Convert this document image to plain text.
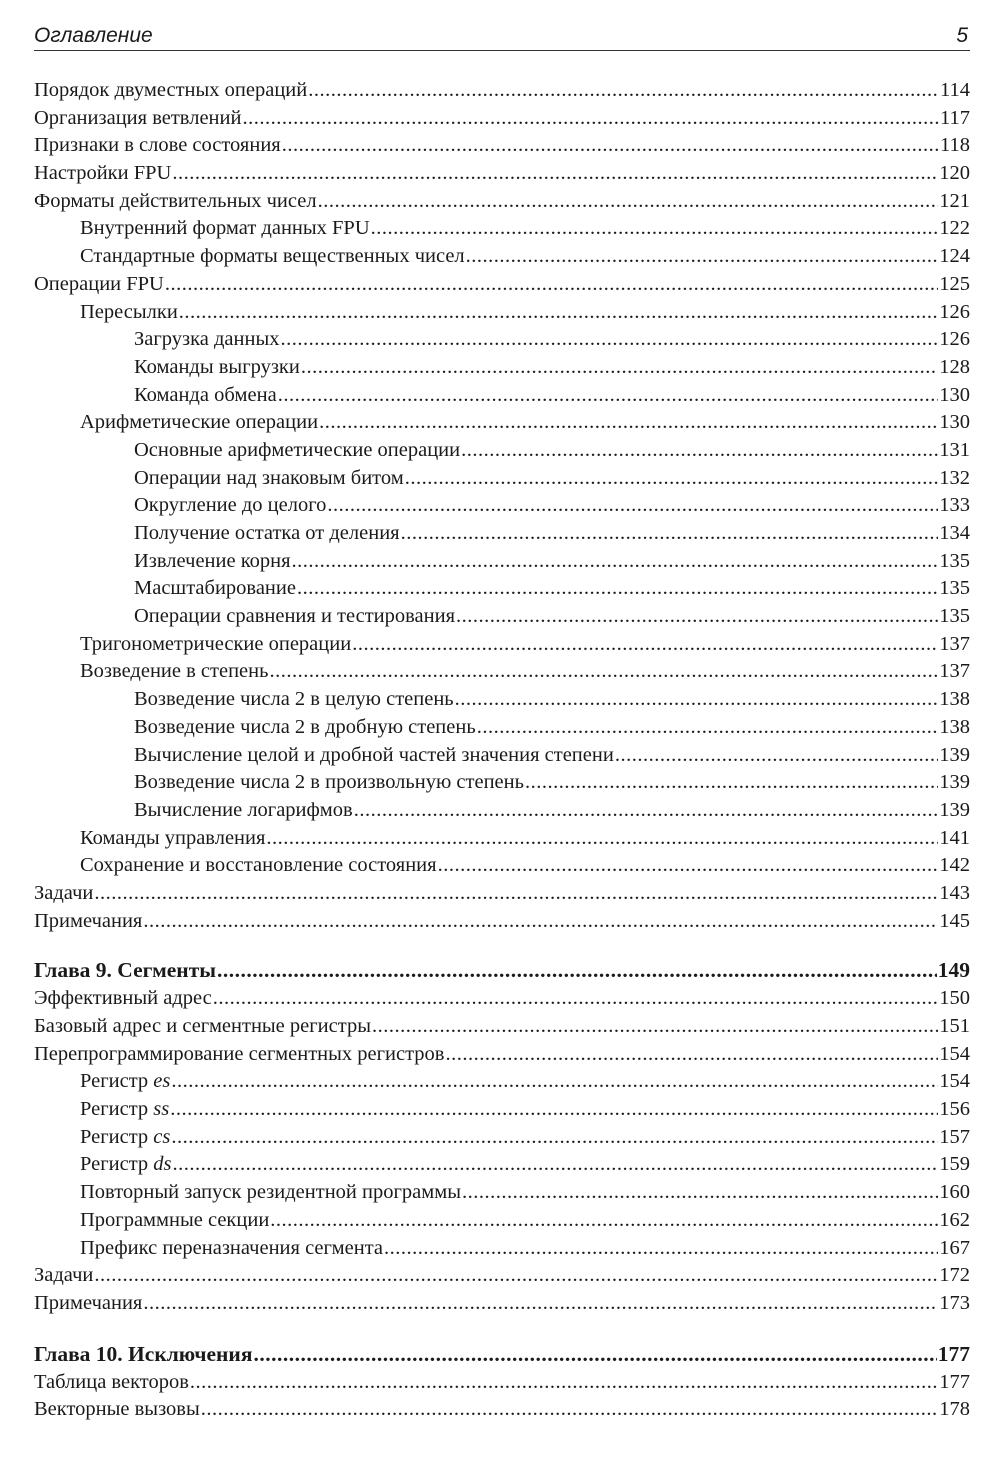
Оглавление	5
Порядок двуместных операций .....	114
Организация ветвлений .....	117
Признаки в слове состояния .....	118
Настройки FPU .....	120
Форматы действительных чисел .....	121
Внутренний формат данных FPU .....	122
Стандартные форматы вещественных чисел .....	124
Операции FPU .....	125
Пересылки .....	126
Загрузка данных .....	126
Команды выгрузки .....	128
Команда обмена .....	130
Арифметические операции .....	130
Основные арифметические операции .....	131
Операции над знаковым битом .....	132
Округление до целого .....	133
Получение остатка от деления .....	134
Извлечение корня .....	135
Масштабирование .....	135
Операции сравнения и тестирования .....	135
Тригонометрические операции .....	137
Возведение в степень .....	137
Возведение числа 2 в целую степень .....	138
Возведение числа 2 в дробную степень .....	138
Вычисление целой и дробной частей значения степени .....	139
Возведение числа 2 в произвольную степень .....	139
Вычисление логарифмов .....	139
Команды управления .....	141
Сохранение и восстановление состояния .....	142
Задачи .....	143
Примечания .....	145
Глава 9. Сегменты .....	149
Эффективный адрес .....	150
Базовый адрес и сегментные регистры .....	151
Перепрограммирование сегментных регистров .....	154
Регистр es .....	154
Регистр ss .....	156
Регистр cs .....	157
Регистр ds .....	159
Повторный запуск резидентной программы .....	160
Программные секции .....	162
Префикс переназначения сегмента .....	167
Задачи .....	172
Примечания .....	173
Глава 10. Исключения .....	177
Таблица векторов .....	177
Векторные вызовы .....	178
